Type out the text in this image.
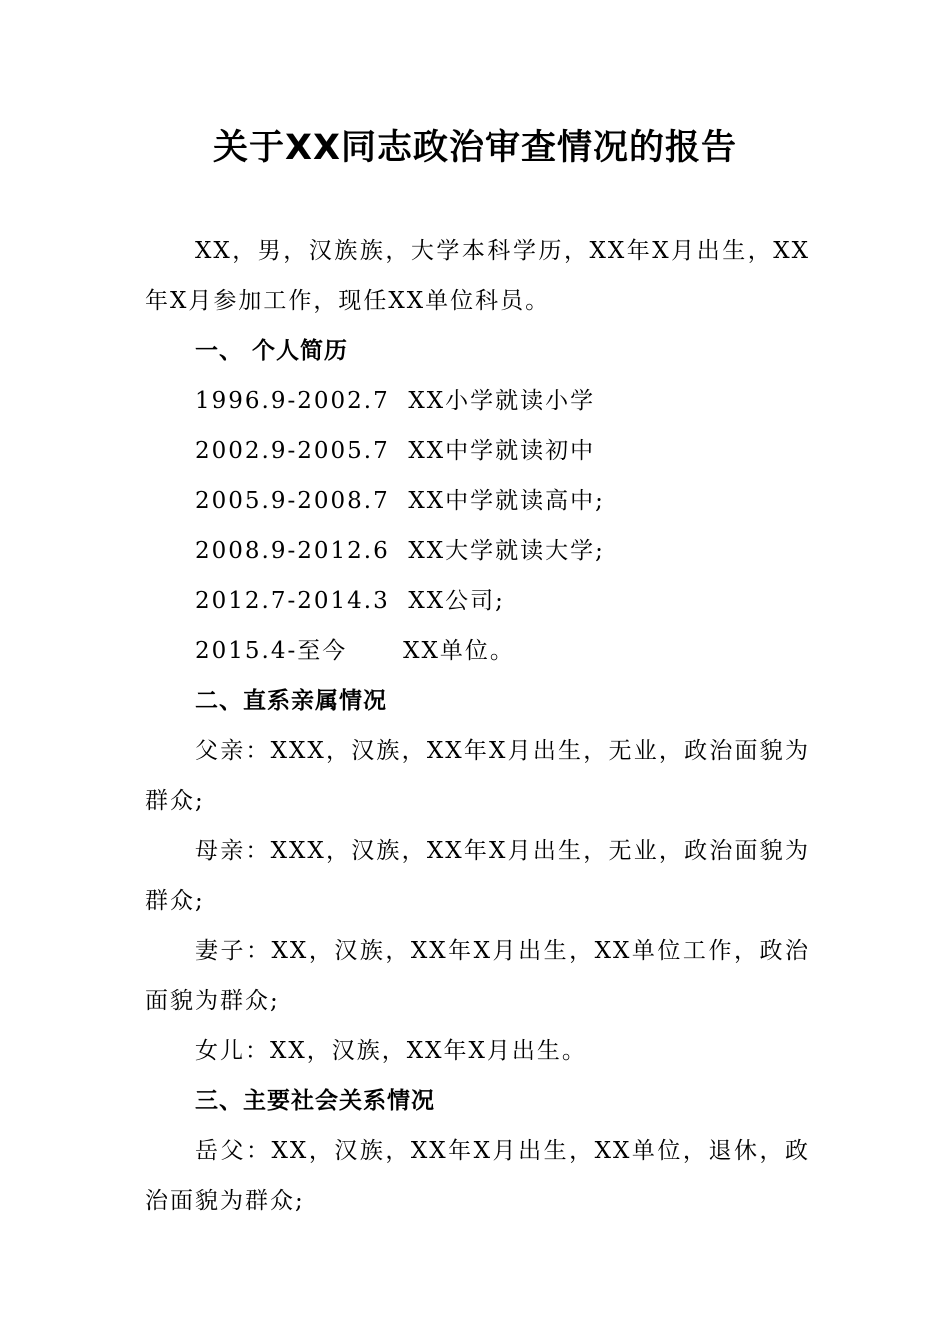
关于XX同志政治审查情况的报告

XX，男，汉族族，大学本科学历，XX年X月出生，XX年X月参加工作，现任XX单位科员。

一、 个人简历

1996.9-2002.7  XX小学就读小学

2002.9-2005.7  XX中学就读初中

2005.9-2008.7  XX中学就读高中;

2008.9-2012.6  XX大学就读大学;

2012.7-2014.3  XX公司;

2015.4-至今      XX单位。

二、直系亲属情况

父亲：XXX，汉族，XX年X月出生，无业，政治面貌为群众;

母亲：XXX，汉族，XX年X月出生，无业，政治面貌为群众;

妻子：XX，汉族，XX年X月出生，XX单位工作，政治面貌为群众;

女儿：XX，汉族，XX年X月出生。

三、主要社会关系情况

岳父：XX，汉族，XX年X月出生，XX单位，退休，政治面貌为群众;
